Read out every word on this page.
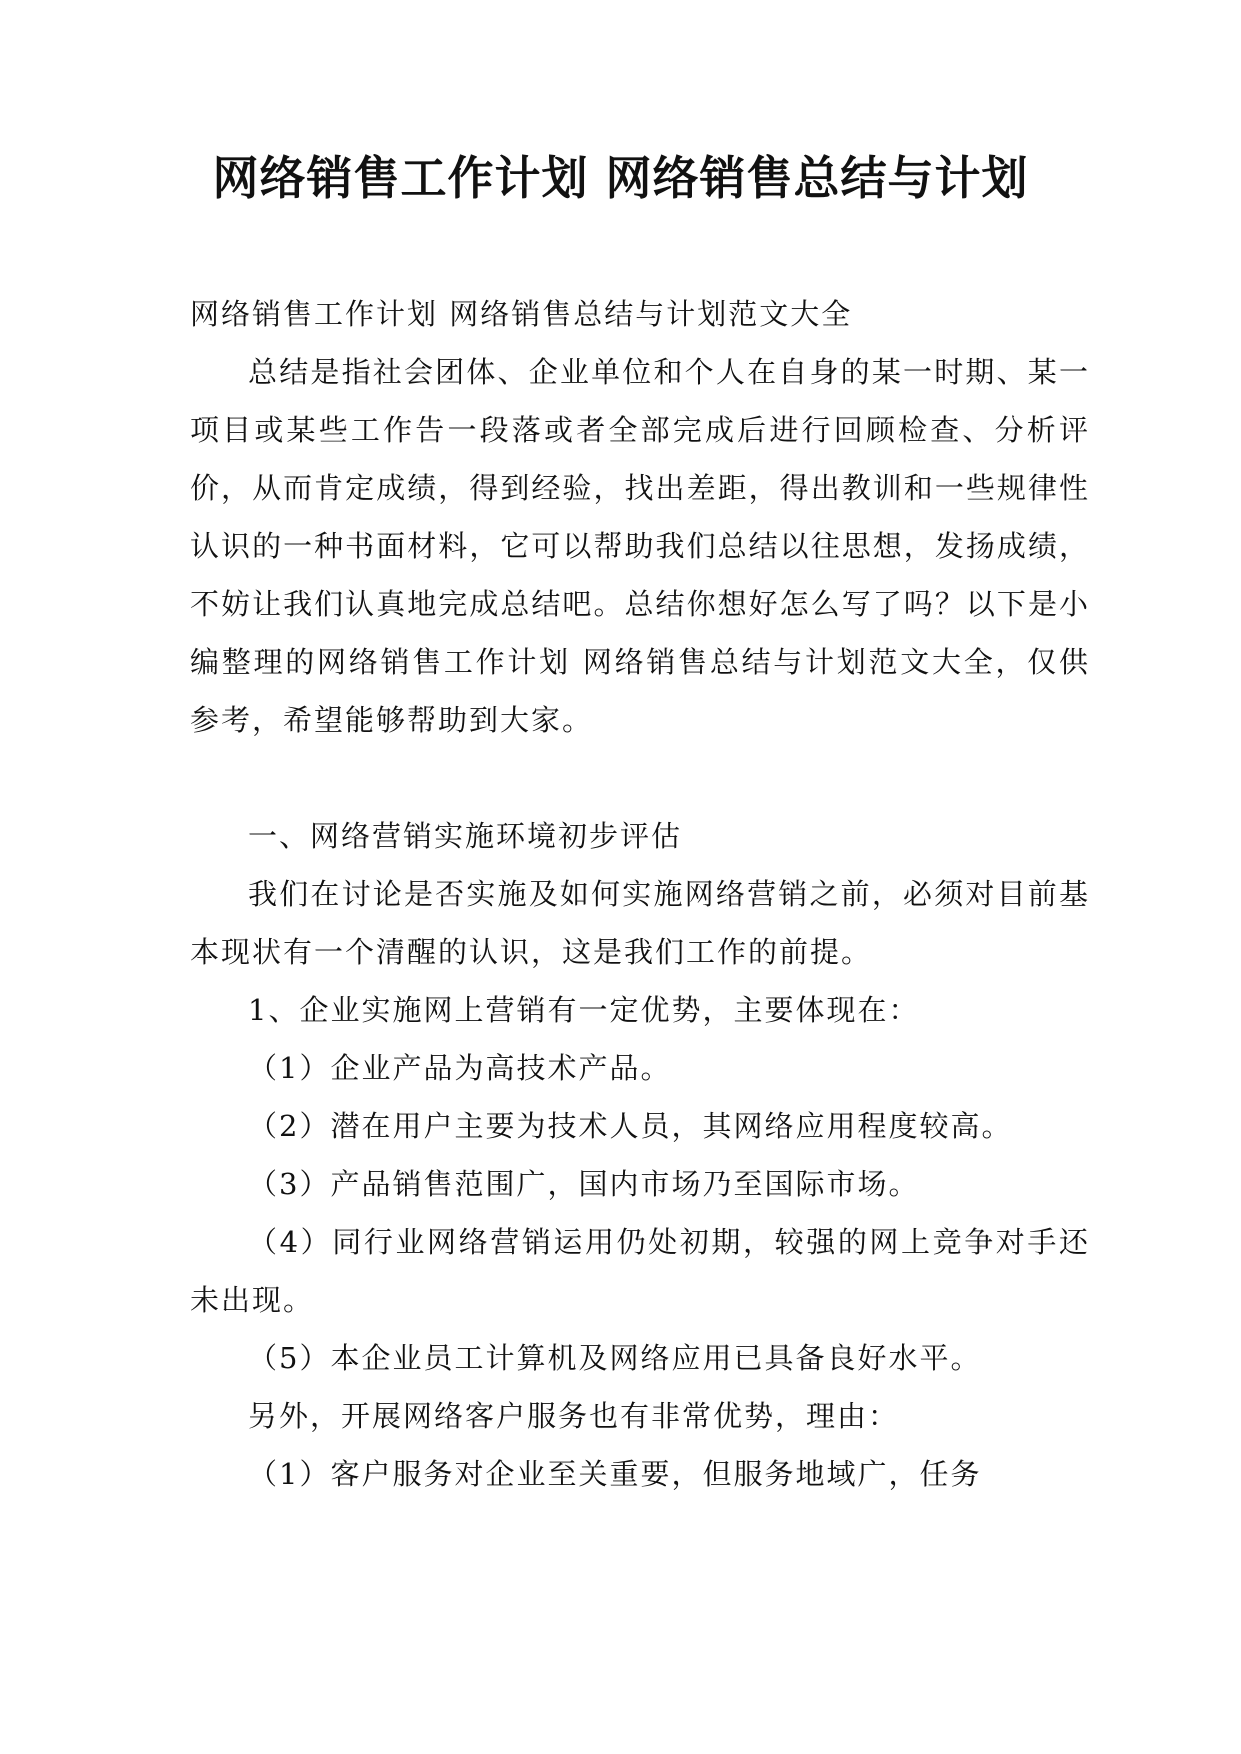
网络销售工作计划 网络销售总结与计划

网络销售工作计划 网络销售总结与计划范文大全

总结是指社会团体、企业单位和个人在自身的某一时期、某一项目或某些工作告一段落或者全部完成后进行回顾检查、分析评价，从而肯定成绩，得到经验，找出差距，得出教训和一些规律性认识的一种书面材料，它可以帮助我们总结以往思想，发扬成绩，不妨让我们认真地完成总结吧。总结你想好怎么写了吗？以下是小编整理的网络销售工作计划 网络销售总结与计划范文大全，仅供参考，希望能够帮助到大家。

一、网络营销实施环境初步评估

我们在讨论是否实施及如何实施网络营销之前，必须对目前基本现状有一个清醒的认识，这是我们工作的前提。

1、企业实施网上营销有一定优势，主要体现在：

（1）企业产品为高技术产品。

（2）潜在用户主要为技术人员，其网络应用程度较高。

（3）产品销售范围广，国内市场乃至国际市场。

（4）同行业网络营销运用仍处初期，较强的网上竞争对手还未出现。

（5）本企业员工计算机及网络应用已具备良好水平。

另外，开展网络客户服务也有非常优势，理由：

（1）客户服务对企业至关重要，但服务地域广，任务
